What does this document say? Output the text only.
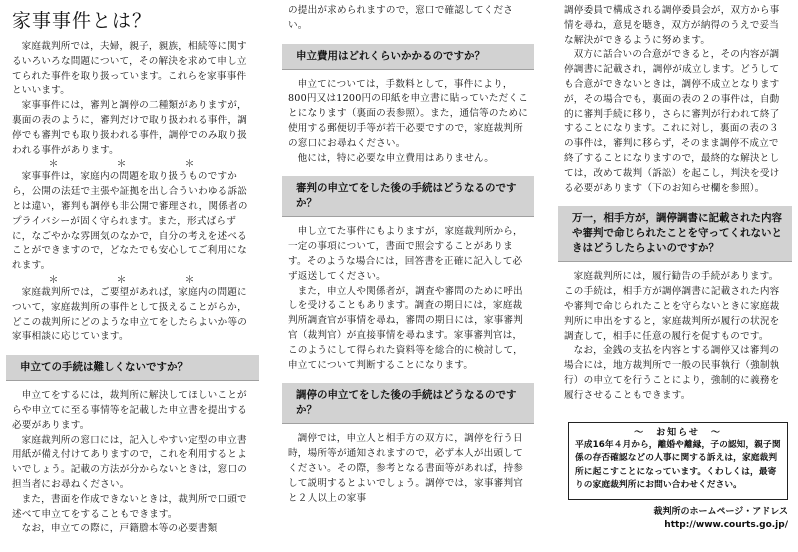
家事事件とは？

家庭裁判所では，夫婦，親子，親族，相続等に関するいろいろな問題について，その解決を求めて申し立てられた事件を取り扱っています。これらを家事事件といいます。

家事事件には，審判と調停の二種類がありますが，裏面の表のように，審判だけで取り扱われる事件，調停でも審判でも取り扱われる事件，調停でのみ取り扱われる事件があります。

＊　＊　＊

家事事件は，家庭内の問題を取り扱うものですから，公開の法廷で主張や証拠を出し合ういわゆる訴訟とは違い，審判も調停も非公開で審理され，関係者のプライバシーが固く守られます。また，形式ばらずに，なごやかな雰囲気のなかで，自分の考えを述べることができますので，どなたでも安心してご利用になれます。

＊　＊　＊

家庭裁判所では，ご要望があれば，家庭内の問題について，家庭裁判所の事件として扱えることがらか，どこの裁判所にどのような申立てをしたらよいか等の家事相談に応じています。

申立ての手続は難しくないですか？

申立てをするには，裁判所に解決してほしいことがらや申立てに至る事情等を記載した申立書を提出する必要があります。

家庭裁判所の窓口には，記入しやすい定型の申立書用紙が備え付けてありますので，これを利用するとよいでしょう。記載の方法が分からないときは，窓口の担当者にお尋ねください。

また，書面を作成できないときは，裁判所で口頭で述べて申立てをすることもできます。

なお，申立ての際に，戸籍謄本等の必要書類

の提出が求められますので，窓口で確認してください。

申立費用はどれくらいかかるのですか？

申立てについては，手数料として，事件により，800円又は1200円の印紙を申立書に貼っていただくことになります（裏面の表参照）。また，通信等のために使用する郵便切手等が若干必要ですので，家庭裁判所の窓口にお尋ねください。

他には，特に必要な申立費用はありません。

審判の申立てをした後の手続はどうなるのですか？

申し立てた事件にもよりますが，家庭裁判所から，一定の事項について，書面で照会することがあります。そのような場合には，回答書を正確に記入して必ず返送してください。

また，申立人や関係者が，調査や審問のために呼出しを受けることもあります。調査の期日には，家庭裁判所調査官が事情を尋ね，審問の期日には，家事審判官（裁判官）が直接事情を尋ねます。家事審判官は，このようにして得られた資料等を総合的に検討して，申立てについて判断することになります。

調停の申立てをした後の手続はどうなるのですか？

調停では，申立人と相手方の双方に，調停を行う日時，場所等が通知されますので，必ず本人が出頭してください。その際，参考となる書面等があれば，持参して説明するとよいでしょう。調停では，家事審判官と２人以上の家事

調停委員で構成される調停委員会が，双方から事情を尋ね，意見を聴き，双方が納得のうえで妥当な解決ができるように努めます。

双方に話合いの合意ができると，その内容が調停調書に記載され，調停が成立します。どうしても合意ができないときは，調停不成立となりますが，その場合でも，裏面の表の２の事件は，自動的に審判手続に移り，さらに審判が行われて終了することになります。これに対し，裏面の表の３の事件は，審判に移らず，そのまま調停不成立で終了することになりますので，最終的な解決としては，改めて裁判（訴訟）を起こし，判決を受ける必要があります（下のお知らせ欄を参照）。

万一，相手方が，調停調書に記載された内容や審判で命じられたことを守ってくれないときはどうしたらよいのですか？

家庭裁判所には，履行勧告の手続があります。この手続は，相手方が調停調書に記載された内容や審判で命じられたことを守らないときに家庭裁判所に申出をすると，家庭裁判所が履行の状況を調査して，相手に任意の履行を促すものです。

なお，金銭の支払を内容とする調停又は審判の場合には，地方裁判所で一般の民事執行（強制執行）の申立てを行うことにより，強制的に義務を履行させることもできます。

～　お知らせ　～
平成16年４月から，離婚や離縁，子の認知，親子関係の存否確認などの人事に関する訴えは，家庭裁判所に起こすことになっています。くわしくは，最寄りの家庭裁判所にお問い合わせください。
裁判所のホームページ・アドレス
http://www.courts.go.jp/
